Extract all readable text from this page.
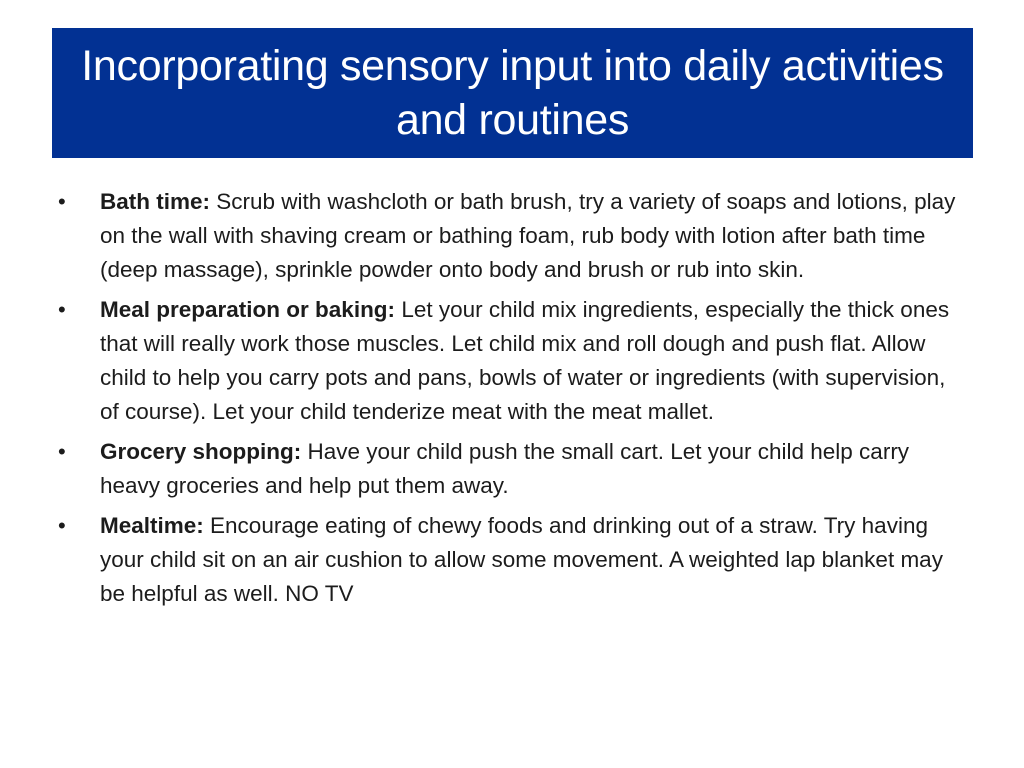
Incorporating sensory input into daily activities and routines
•	Bath time: Scrub with washcloth or bath brush, try a variety of soaps and lotions, play on the wall with shaving cream or bathing foam, rub body with lotion after bath time (deep massage), sprinkle powder onto body and brush or rub into skin.
•	Meal preparation or baking: Let your child mix ingredients, especially the thick ones that will really work those muscles. Let child mix and roll dough and push flat. Allow child to help you carry pots and pans, bowls of water or ingredients (with supervision, of course). Let your child tenderize meat with the meat mallet.
•	Grocery shopping: Have your child push the small cart. Let your child help carry heavy groceries and help put them away.
•	Mealtime: Encourage eating of chewy foods and drinking out of a straw. Try having your child sit on an air cushion to allow some movement. A weighted lap blanket may be helpful as well. NO TV
